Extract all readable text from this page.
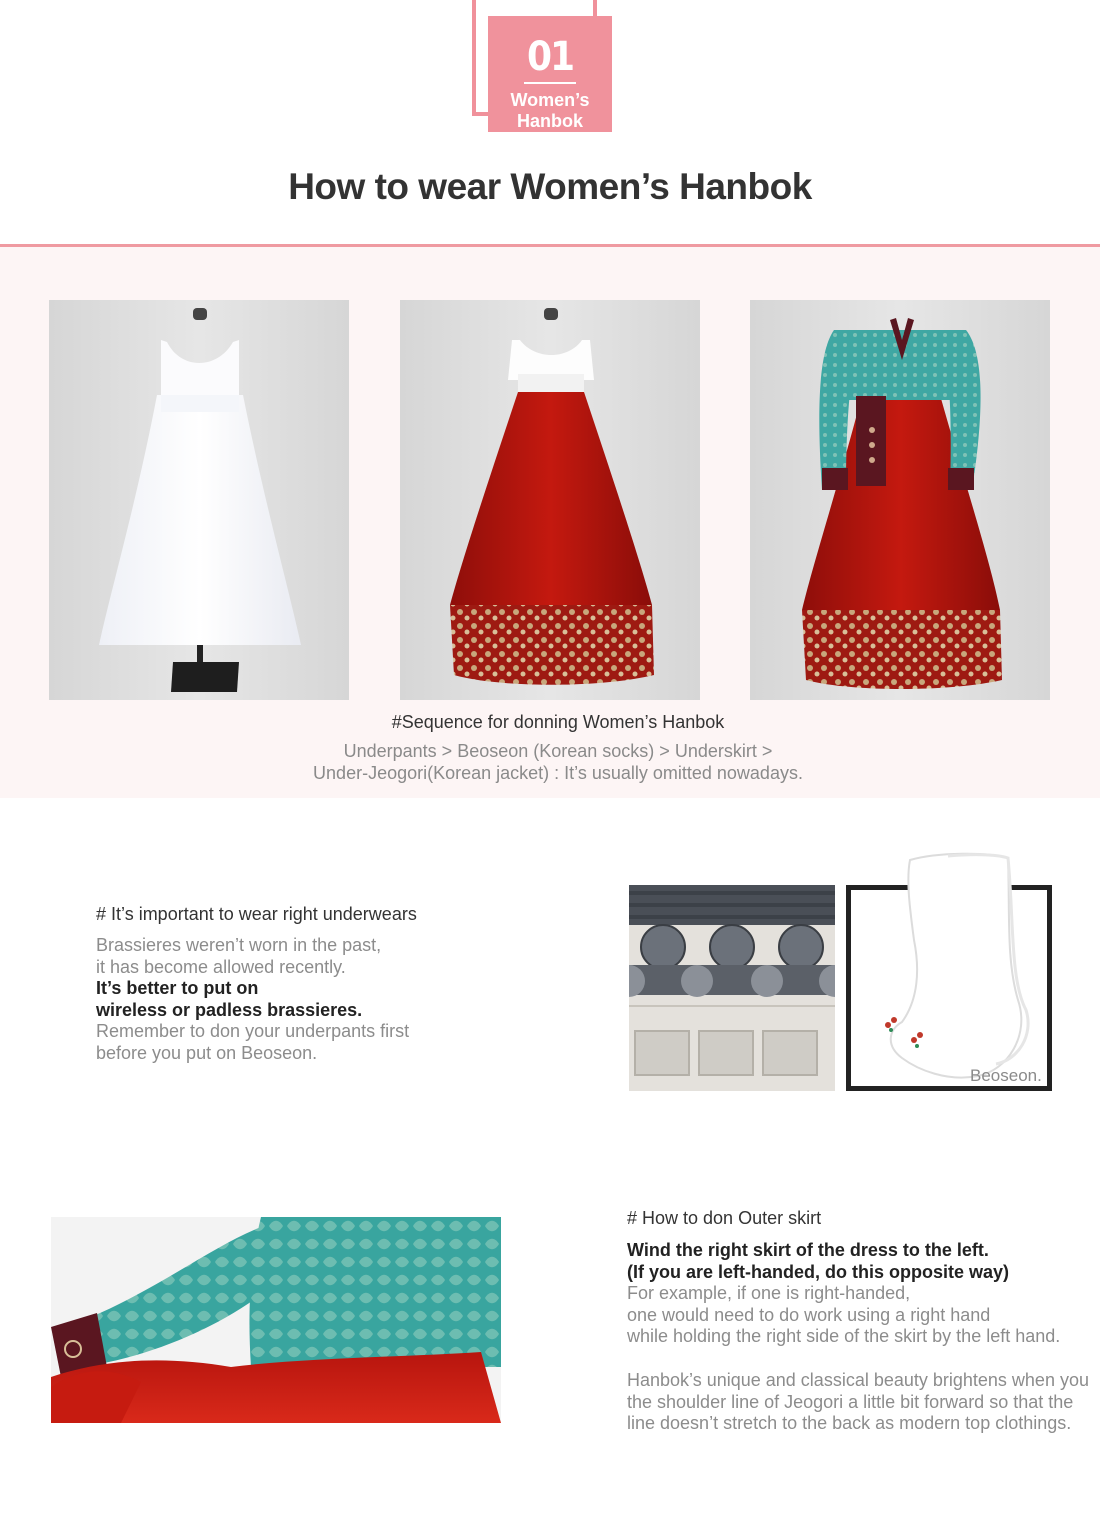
01
Women’s
Hanbok
How to wear Women’s Hanbok
#Sequence for donning Women’s Hanbok
Underpants > Beoseon (Korean socks) > Underskirt >
Under-Jeogori(Korean jacket) : It’s usually omitted nowadays.
# It’s important to wear right underwears
Brassieres weren’t worn in the past,
it has become allowed recently.
It’s better to put on
wireless or padless brassieres.
Remember to don your underpants first
before you put on Beoseon.
Beoseon.
# How to don Outer skirt
Wind the right skirt of the dress to the left.
(If you are left-handed, do this opposite way)
For example, if one is right-handed,
one would need to do work using a right hand
while holding the right side of the skirt by the left hand.
Hanbok’s unique and classical beauty brightens when you
the shoulder line of Jeogori a little bit forward so that the
line doesn’t stretch to the back as modern top clothings.
